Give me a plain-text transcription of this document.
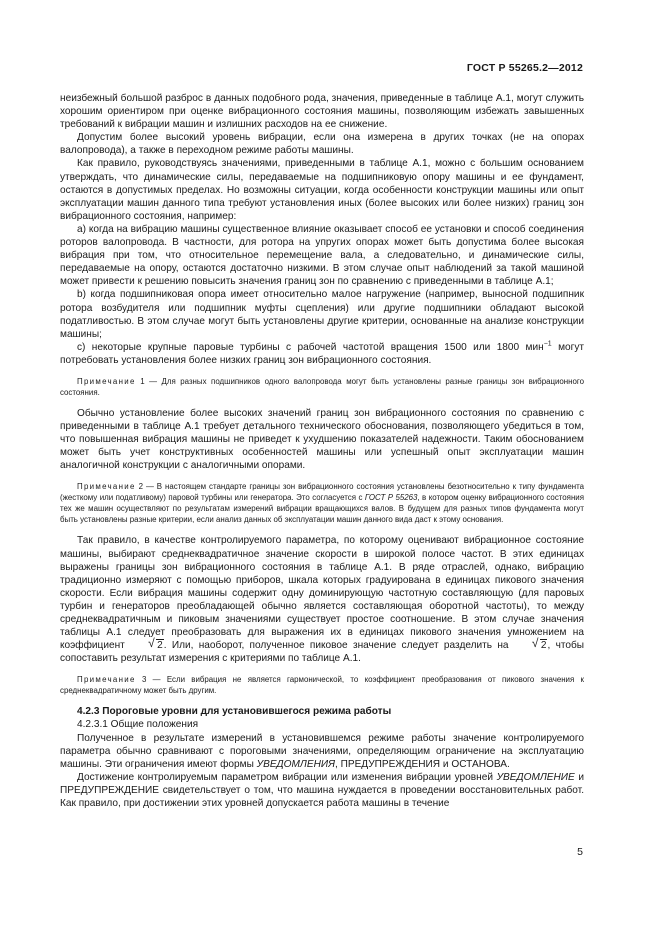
ГОСТ Р 55265.2—2012

неизбежный большой разброс в данных подобного рода, значения, приведенные в таблице А.1, могут служить хорошим ориентиром при оценке вибрационного состояния машины, позволяющим избежать завышенных требований к вибрации машин и излишних расходов на ее снижение.

Допустим более высокий уровень вибрации, если она измерена в других точках (не на опорах валопровода), а также в переходном режиме работы машины.

Как правило, руководствуясь значениями, приведенными в таблице А.1, можно с большим основанием утверждать, что динамические силы, передаваемые на подшипниковую опору машины и ее фундамент, остаются в допустимых пределах. Но возможны ситуации, когда особенности конструкции машины или опыт эксплуатации машин данного типа требуют установления иных (более высоких или более низких) границ зон вибрационного состояния, например:

а) когда на вибрацию машины существенное влияние оказывает способ ее установки и способ соединения роторов валопровода. В частности, для ротора на упругих опорах может быть допустима более высокая вибрация при том, что относительное перемещение вала, а следовательно, и динамические силы, передаваемые на опору, остаются достаточно низкими. В этом случае опыт наблюдений за такой машиной может привести к решению повысить значения границ зон по сравнению с приведенными в таблице А.1;

b) когда подшипниковая опора имеет относительно малое нагружение (например, выносной подшипник ротора возбудителя или подшипник муфты сцепления) или другие подшипники обладают высокой податливостью. В этом случае могут быть установлены другие критерии, основанные на анализе конструкции машины;

с) некоторые крупные паровые турбины с рабочей частотой вращения 1500 или 1800 мин$^{-1}$ могут потребовать установления более низких границ зон вибрационного состояния.

Примечание 1 — Для разных подшипников одного валопровода могут быть установлены разные границы зон вибрационного состояния.

Обычно установление более высоких значений границ зон вибрационного состояния по сравнению с приведенными в таблице А.1 требует детального технического обоснования, позволяющего убедиться в том, что повышенная вибрация машины не приведет к ухудшению показателей надежности. Таким обоснованием может быть учет конструктивных особенностей машины или успешный опыт эксплуатации машин аналогичной конструкции с аналогичными опорами.

Примечание 2 — В настоящем стандарте границы зон вибрационного состояния установлены безотносительно к типу фундамента (жесткому или податливому) паровой турбины или генератора. Это согласуется с ГОСТ Р 55263, в котором оценку вибрационного состояния тех же машин осуществляют по результатам измерений вибрации вращающихся валов. В будущем для разных типов фундамента могут быть установлены разные критерии, если анализ данных об эксплуатации машин данного вида даст к этому основания.

Так правило, в качестве контролируемого параметра, по которому оценивают вибрационное состояние машины, выбирают среднеквадратичное значение скорости в широкой полосе частот. В этих единицах выражены границы зон вибрационного состояния в таблице А.1. В ряде отраслей, однако, вибрацию традиционно измеряют с помощью приборов, шкала которых градуирована в единицах пикового значения скорости. Если вибрация машины содержит одну доминирующую частотную составляющую (для паровых турбин и генераторов преобладающей обычно является составляющая оборотной частоты), то между среднеквадратичным и пиковым значениями существует простое соотношение. В этом случае значения таблицы А.1 следует преобразовать для выражения их в единицах пикового значения умножением на коэффициент	√ 2. Или, наоборот, полученное пиковое значение следует разделить на	√ 2, чтобы сопоставить результат измерения с критериями по таблице А.1.

Примечание 3 — Если вибрация не является гармонической, то коэффициент преобразования от пикового значения к среднеквадратичному может быть другим.

4.2.3 Пороговые уровни для установившегося режима работы

4.2.3.1 Общие положения

Полученное в результате измерений в установившемся режиме работы значение контролируемого параметра обычно сравнивают с пороговыми значениями, определяющим ограничение на эксплуатацию машины. Эти ограничения имеют формы УВЕДОМЛЕНИЯ, ПРЕДУПРЕЖДЕНИЯ и ОСТАНОВА.

Достижение контролируемым параметром вибрации или изменения вибрации уровней УВЕДОМЛЕНИЕ и ПРЕДУПРЕЖДЕНИЕ свидетельствует о том, что машина нуждается в проведении восстановительных работ. Как правило, при достижении этих уровней допускается работа машины в течение

5
